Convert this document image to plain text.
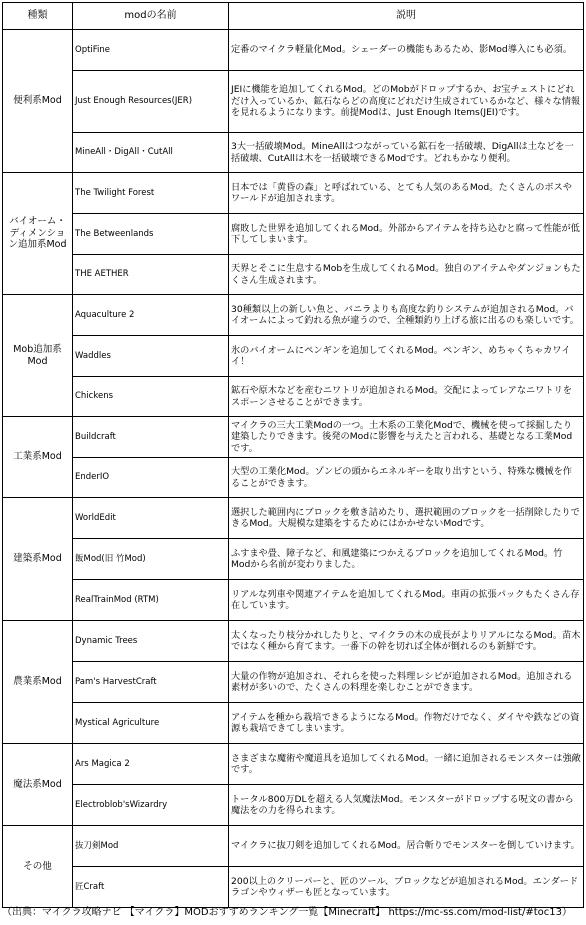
種類	modの名前	説明
便利系Mod	OptiFine	定番のマイクラ軽量化Mod。シェーダーの機能もあるため、影Mod導入にも必須。
	Just Enough Resources(JER)	JEIに機能を追加してくれるMod。どのMobがドロップするか、お宝チェストにどれだけ入っているか、鉱石ならどの高度にどれだけ生成されているかなど、様々な情報を見れるようになります。前提Modは、Just Enough Items(JEI)です。
	MineAll・DigAll・CutAll	3大一括破壊Mod。MineAllはつながっている鉱石を一括破壊、DigAllは土などを一括破壊、CutAllは木を一括破壊できるModです。どれもかなり便利。
バイオーム・ディメンション追加系Mod	The Twilight Forest	日本では「黄昏の森」と呼ばれている、とても人気のあるMod。たくさんのボスやワールドが追加されます。
	The Betweenlands	腐敗した世界を追加してくれるMod。外部からアイテムを持ち込むと腐って性能が低下してしまいます。
	THE AETHER	天界とそこに生息するMobを生成してくれるMod。独自のアイテムやダンジョンもたくさん生成されます。
Mob追加系Mod	Aquaculture 2	30種類以上の新しい魚と、バニラよりも高度な釣りシステムが追加されるMod。バイオームによって釣れる魚が違うので、全種類釣り上げる旅に出るのも楽しいです。
	Waddles	氷のバイオームにペンギンを追加してくれるMod。ペンギン、めちゃくちゃカワイイ！
	Chickens	鉱石や原木などを産むニワトリが追加されるMod。交配によってレアなニワトリをスポーンさせることができます。
工業系Mod	Buildcraft	マイクラの三大工業Modの一つ。土木系の工業化Modで、機械を使って採掘したり建築したりできます。後発のModに影響を与えたと言われる、基礎となる工業Modです。
	EnderIO	大型の工業化Mod。ゾンビの頭からエネルギーを取り出すという、特殊な機械を作ることができます。
建築系Mod	WorldEdit	選択した範囲内にブロックを敷き詰めたり、選択範囲のブロックを一括削除したりできるMod。大規模な建築をするためにはかかせないModです。
	飯Mod(旧 竹Mod)	ふすまや畳、障子など、和風建築につかえるブロックを追加してくれるMod。竹Modから名前が変わりました。
	RealTrainMod (RTM)	リアルな列車や関連アイテムを追加してくれるMod。車両の拡張パックもたくさん存在しています。
農業系Mod	Dynamic Trees	太くなったり枝分かれしたりと、マイクラの木の成長がよりリアルになるMod。苗木ではなく種から育てます。一番下の幹を切れば全体が倒れるのも新鮮です。
	Pam's HarvestCraft	大量の作物が追加され、それらを使った料理レシピが追加されるMod。追加される素材が多いので、たくさんの料理を楽しむことができます。
	Mystical Agriculture	アイテムを種から栽培できるようになるMod。作物だけでなく、ダイヤや鉄などの資源も栽培できてしまいます。
魔法系Mod	Ars Magica 2	さまざまな魔術や魔道具を追加してくれるMod。一緒に追加されるモンスターは強敵です。
	Electroblob'sWizardry	トータル800万DLを超える人気魔法Mod。モンスターがドロップする呪文の書から魔法をの力を得られます。
その他	抜刀剣Mod	マイクラに抜刀剣を追加してくれるMod。居合斬りでモンスターを倒していけます。
	匠Craft	200以上のクリーパーと、匠のツール、ブロックなどが追加されるMod。エンダードラゴンやウィザーも匠となっています。
（出典：マイクラ攻略ナビ 【マイクラ】MODおすすめランキング一覧【Minecraft】 https://mc-ss.com/mod-list/#toc13）
